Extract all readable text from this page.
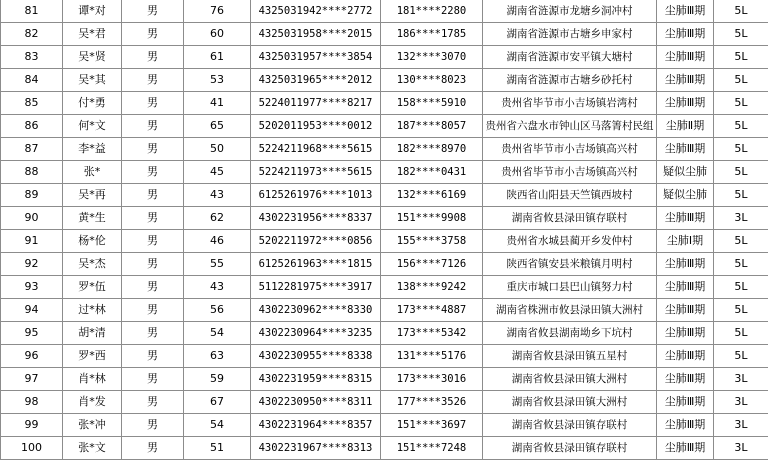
81	谭*对	男	76	4325031942****2772	181****2280	湖南省涟源市龙塘乡洞冲村	尘肺Ⅲ期	5L
82	吴*君	男	60	4325031958****2015	186****1785	湖南省涟源市古塘乡申家村	尘肺Ⅲ期	5L
83	吴*贤	男	61	4325031957****3854	132****3070	湖南省涟源市安平镇大塘村	尘肺Ⅲ期	5L
84	吴*其	男	53	4325031965****2012	130****8023	湖南省涟源市古塘乡砂托村	尘肺Ⅲ期	5L
85	付*勇	男	41	5224011977****8217	158****5910	贵州省毕节市小吉场镇岩湾村	尘肺Ⅲ期	5L
86	何*文	男	65	5202011953****0012	187****8057	贵州省六盘水市钟山区马落箐村民组	尘肺Ⅱ期	5L
87	李*益	男	50	5224211968****5615	182****8970	贵州省毕节市小吉场镇高兴村	尘肺Ⅲ期	5L
88	张*	男	45	5224211973****5615	182****0431	贵州省毕节市小吉场镇高兴村	疑似尘肺	5L
89	吴*再	男	43	6125261976****1013	132****6169	陕西省山阳县天竺镇西坡村	疑似尘肺	5L
90	黄*生	男	62	4302231956****8337	151****9908	湖南省攸县渌田镇存联村	尘肺Ⅲ期	3L
91	杨*伦	男	46	5202211972****0856	155****3758	贵州省水城县蔺开乡发仲村	尘肺Ⅰ期	5L
92	吴*杰	男	55	6125261963****1815	156****7126	陕西省镇安县米粮镇月明村	尘肺Ⅲ期	5L
93	罗*伍	男	43	5112281975****3917	138****9242	重庆市城口县巴山镇努力村	尘肺Ⅲ期	5L
94	过*林	男	56	4302230962****8330	173****4887	湖南省株洲市攸县渌田镇大洲村	尘肺Ⅲ期	5L
95	胡*清	男	54	4302230964****3235	173****5342	湖南省攸县湖南坳乡下坑村	尘肺Ⅲ期	5L
96	罗*西	男	63	4302230955****8338	131****5176	湖南省攸县渌田镇五星村	尘肺Ⅲ期	5L
97	肖*林	男	59	4302231959****8315	173****3016	湖南省攸县渌田镇大洲村	尘肺Ⅲ期	3L
98	肖*发	男	67	4302230950****8311	177****3526	湖南省攸县渌田镇大洲村	尘肺Ⅲ期	3L
99	张*冲	男	54	4302231964****8357	151****3697	湖南省攸县渌田镇存联村	尘肺Ⅲ期	3L
100	张*文	男	51	4302231967****8313	151****7248	湖南省攸县渌田镇存联村	尘肺Ⅲ期	3L
